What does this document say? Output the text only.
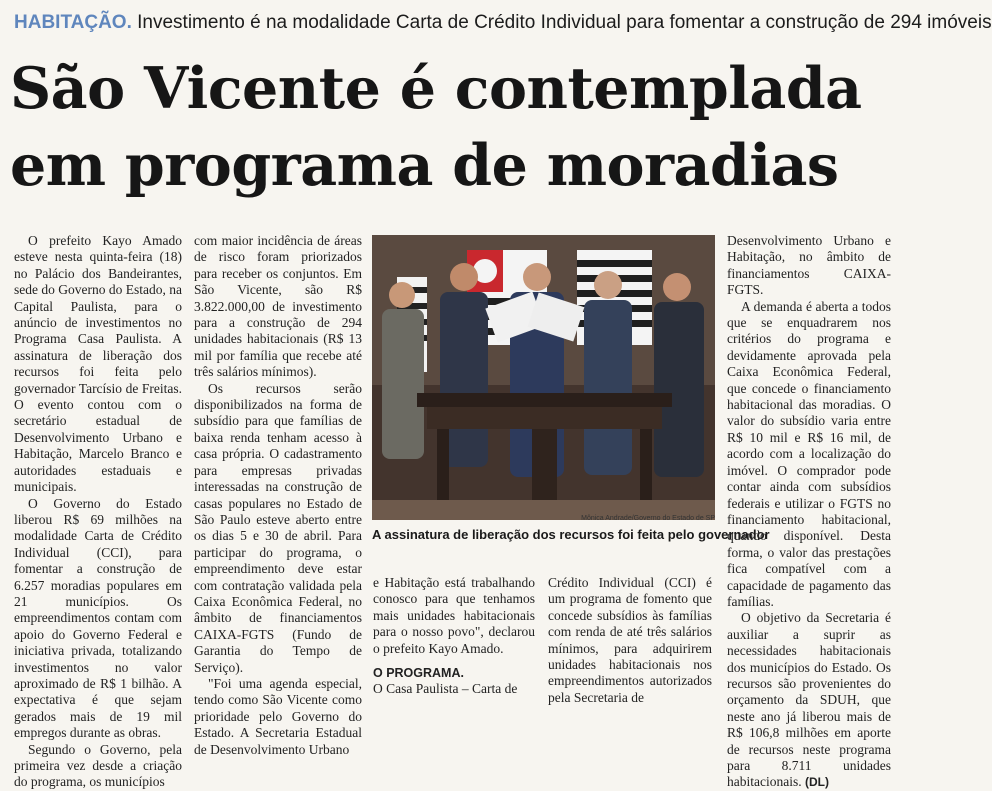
HABITAÇÃO. Investimento é na modalidade Carta de Crédito Individual para fomentar a construção de 294 imóveis
São Vicente é contemplada
em programa de moradias

O prefeito Kayo Amado esteve nesta quinta-feira (18) no Palácio dos Bandeirantes, sede do Governo do Estado, na Capital Paulista, para o anúncio de investimentos no Programa Casa Paulista. A assinatura de liberação dos recursos foi feita pelo governador Tarcísio de Freitas. O evento contou com o secretário estadual de Desenvolvimento Urbano e Habitação, Marcelo Branco e autoridades estaduais e municipais.

O Governo do Estado liberou R$ 69 milhões na modalidade Carta de Crédito Individual (CCI), para fomentar a construção de 6.257 moradias populares em 21 municípios. Os empreendimentos contam com apoio do Governo Federal e iniciativa privada, totalizando investimentos no valor aproximado de R$ 1 bilhão. A expectativa é que sejam gerados mais de 19 mil empregos durante as obras.

Segundo o Governo, pela primeira vez desde a criação do programa, os municípios

com maior incidência de áreas de risco foram priorizados para receber os conjuntos. Em São Vicente, são R$ 3.822.000,00 de investimento para a construção de 294 unidades habitacionais (R$ 13 mil por família que recebe até três salários mínimos).

Os recursos serão disponibilizados na forma de subsídio para que famílias de baixa renda tenham acesso à casa própria. O cadastramento para empresas privadas interessadas na construção de casas populares no Estado de São Paulo esteve aberto entre os dias 5 e 30 de abril. Para participar do programa, o empreendimento deve estar com contratação validada pela Caixa Econômica Federal, no âmbito de financiamentos CAIXA-FGTS (Fundo de Garantia do Tempo de Serviço).

"Foi uma agenda especial, tendo como São Vicente como prioridade pelo Governo do Estado. A Secretaria Estadual de Desenvolvimento Urbano

Mônica Andrade/Governo do Estado de SP
A assinatura de liberação dos recursos foi feita pelo governador

e Habitação está trabalhando conosco para que tenhamos mais unidades habitacionais para o nosso povo", declarou o prefeito Kayo Amado.

O PROGRAMA.

O Casa Paulista – Carta de

Crédito Individual (CCI) é um programa de fomento que concede subsídios às famílias com renda de até três salários mínimos, para adquirirem unidades habitacionais nos empreendimentos autorizados pela Secretaria de

Desenvolvimento Urbano e Habitação, no âmbito de financiamentos CAIXA-FGTS.

A demanda é aberta a todos que se enquadrarem nos critérios do programa e devidamente aprovada pela Caixa Econômica Federal, que concede o financiamento habitacional das moradias. O valor do subsídio varia entre R$ 10 mil e R$ 16 mil, de acordo com a localização do imóvel. O comprador pode contar ainda com subsídios federais e utilizar o FGTS no financiamento habitacional, quando disponível. Desta forma, o valor das prestações fica compatível com a capacidade de pagamento das famílias.

O objetivo da Secretaria é auxiliar a suprir as necessidades habitacionais dos municípios do Estado. Os recursos são provenientes do orçamento da SDUH, que neste ano já liberou mais de R$ 106,8 milhões em aporte de recursos neste programa para 8.711 unidades habitacionais. (DL)
